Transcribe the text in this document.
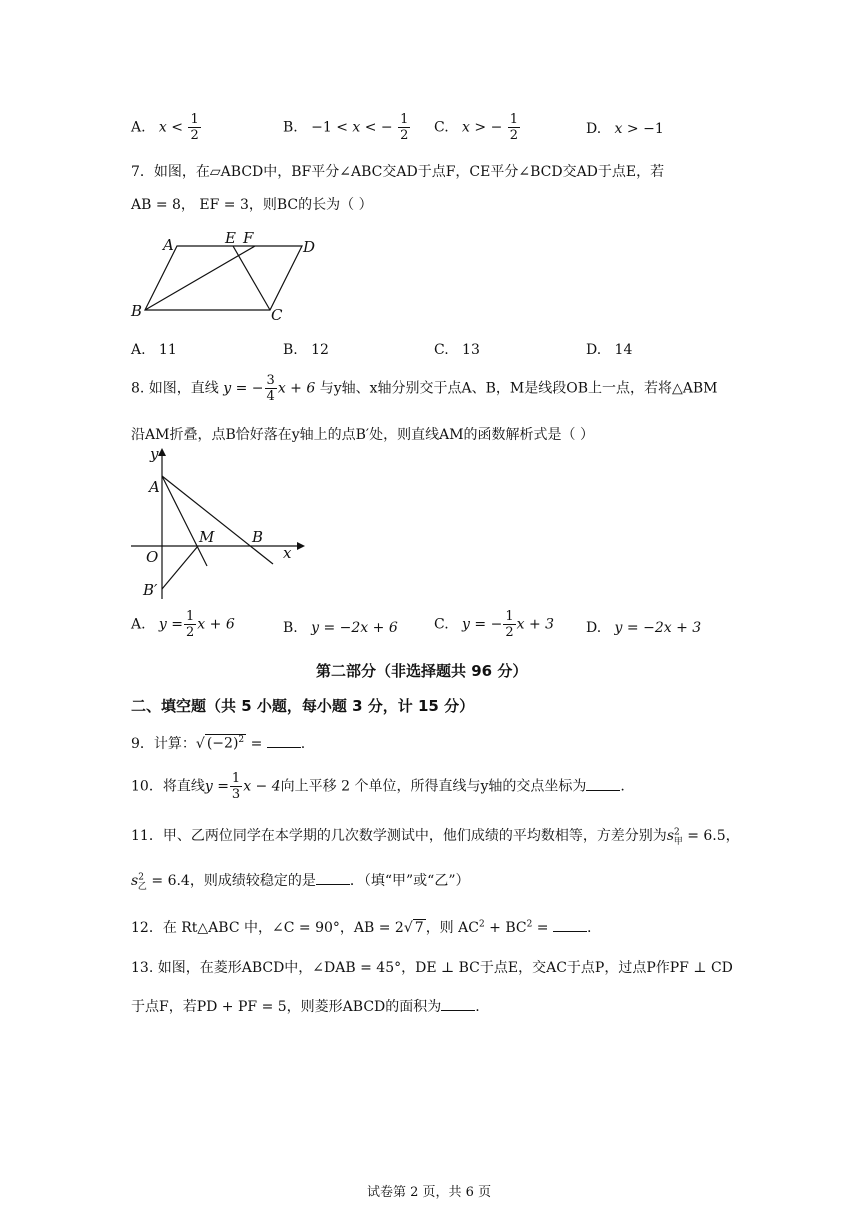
A. $x < \frac{1}{2}$	B. −1 < x < − $\frac{1}{2} C$. x > − $\frac{1}{2}$	D. x > −1
7．如图，在▱ABCD中，BF平分∠ABC交AD于点F，CE平分∠BCD交AD于点E，若
AB = 8， EF = 3，则BC的长为（ ）
A	E F	D
B	C
A. 11	B. 12	C. 13	D. 14
8. 如图，直线 y = − $\frac{3}{4}$ x + 6 与y轴、x轴分别交于点A、B，M是线段OB上一点，若将△ABM
沿AM折叠，点B恰好落在y轴上的点B′处，则直线AM的函数解析式是（ ）
y
A
M	B
x
O
B′
A. $y = \frac{1}{2}$ x + 6	B. y = −2x + 6	C. y = − $\frac{1}{2}$ x + 3 D. y = −2x + 3
第二部分（非选择题共 96 分）
二、填空题（共 5 小题，每小题 3 分，计 15 分）
9．计算：√ $(-2)^2$ = .
10．将直线$y = \frac{1}{3}$ x − 4向上平移 2 个单位，所得直线与y轴的交点坐标为 .
11．甲、乙两位同学在本学期的几次数学测试中，他们成绩的平均数相等，方差分别为$s^2_甲 = 6.5$，
$s^2_乙 = 6.4$，则成绩较稳定的是 ．（填“甲”或“乙”）
12．在 Rt△ABC 中，∠C = 90°，AB = 2√ 7 ，则 $AC^2 + BC^2$ = .
13. 如图，在菱形ABCD中，∠DAB = 45°，DE ⊥ BC于点E，交AC于点P，过点P作PF ⊥ CD
于点F，若PD + PF = 5，则菱形ABCD的面积为 .
试卷第 2 页，共 6 页
